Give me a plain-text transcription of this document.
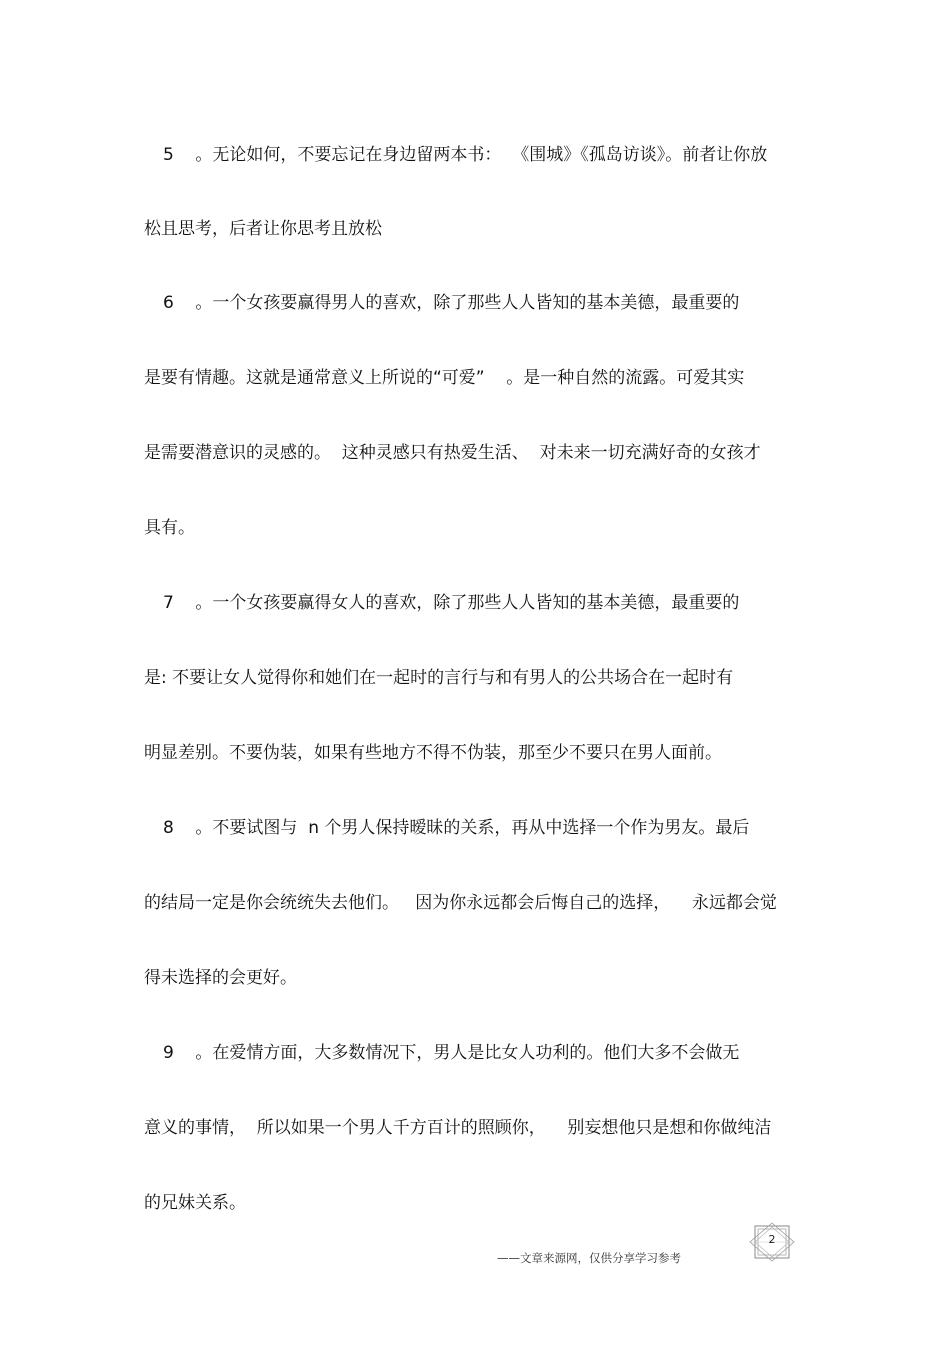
5    。无论如何，不要忘记在身边留两本书：  《围城》《孤岛访谈》。前者让你放
松且思考，后者让你思考且放松
6    。一个女孩要赢得男人的喜欢，除了那些人人皆知的基本美德，最重要的
是要有情趣。这就是通常意义上所说的“可爱”    。是一种自然的流露。可爱其实
是需要潜意识的灵感的。  这种灵感只有热爱生活、  对未来一切充满好奇的女孩才
具有。
7    。一个女孩要赢得女人的喜欢，除了那些人人皆知的基本美德，最重要的
是: 不要让女人觉得你和她们在一起时的言行与和有男人的公共场合在一起时有
明显差别。不要伪装，如果有些地方不得不伪装，那至少不要只在男人面前。
8    。不要试图与  n 个男人保持暧昧的关系，再从中选择一个作为男友。最后
的结局一定是你会统统失去他们。   因为你永远都会后悔自己的选择，    永远都会觉
得未选择的会更好。
9    。在爱情方面，大多数情况下，男人是比女人功利的。他们大多不会做无
意义的事情，  所以如果一个男人千方百计的照顾你，    别妄想他只是想和你做纯洁
的兄妹关系。
2
——文章来源网，仅供分享学习参考
